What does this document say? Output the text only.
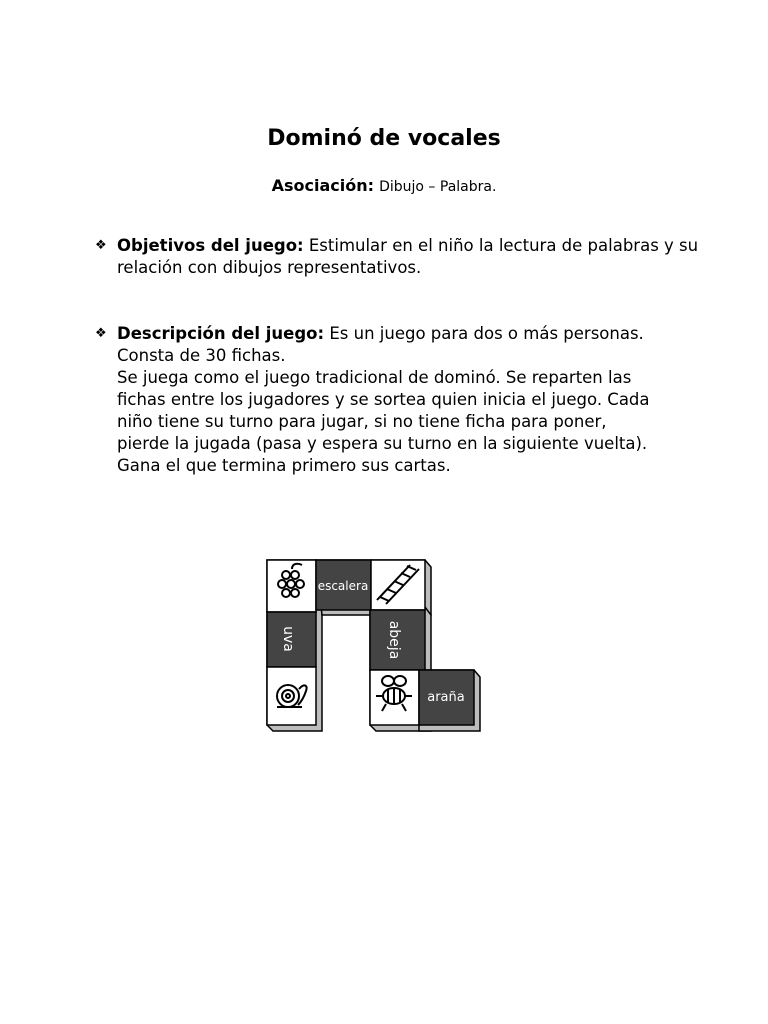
Dominó de vocales
Asociación: Dibujo – Palabra.
❖ Objetivos del juego: Estimular en el niño la lectura de palabras y su relación con dibujos representativos.
❖ Descripción del juego: Es un juego para dos o más personas.
Consta de 30 fichas.
Se juega como el juego tradicional de dominó. Se reparten las
fichas entre los jugadores y se sortea quien inicia el juego. Cada
niño tiene su turno para jugar, si no tiene ficha para poner,
pierde la jugada (pasa y espera su turno en la siguiente vuelta).
Gana el que termina primero sus cartas.
uva
escalera
abeja
araña
